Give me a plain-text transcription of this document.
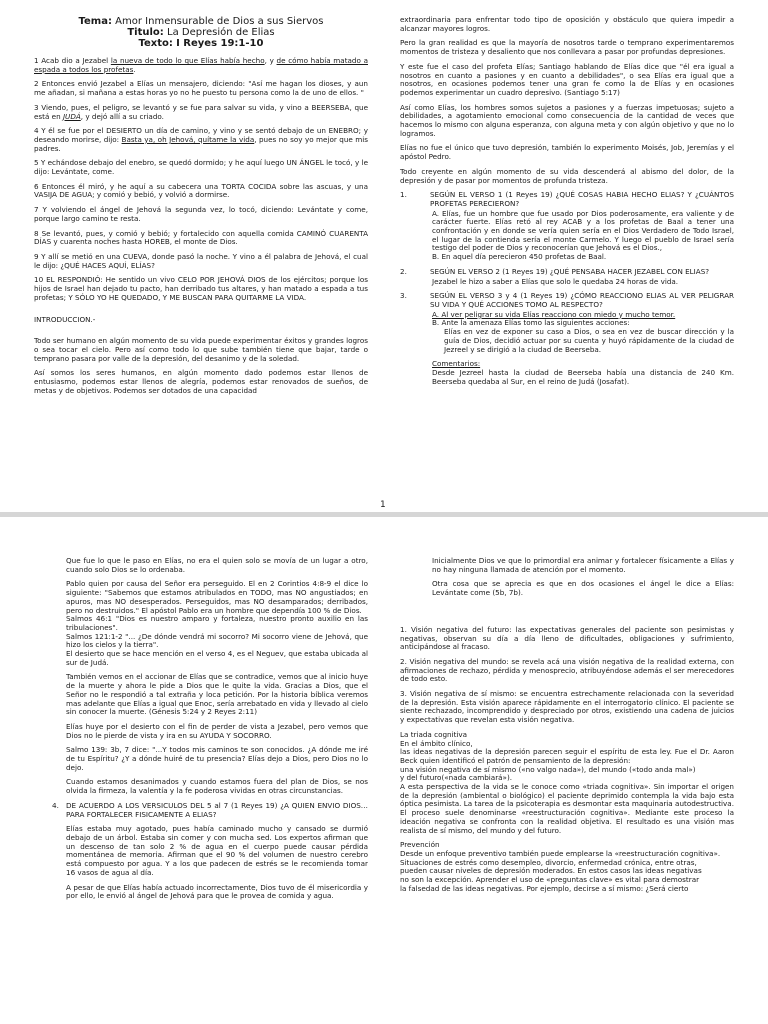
Tema: Amor Inmensurable de Dios a sus Siervos

Titulo: La Depresión de Elias

Texto: I Reyes 19:1-10

1 Acab dio a Jezabel la nueva de todo lo que Elías había hecho, y de cómo había matado a espada a todos los profetas.

2 Entonces envió Jezabel a Elías un mensajero, diciendo: "Así me hagan los dioses, y aun me añadan, si mañana a estas horas yo no he puesto tu persona como la de uno de ellos. "

3 Viendo, pues, el peligro, se levantó y se fue para salvar su vida, y vino a BEERSEBA, que está en JUDÁ, y dejó allí a su criado.

4 Y él se fue por el DESIERTO un día de camino, y vino y se sentó debajo de un ENEBRO; y deseando morirse, dijo: Basta ya, oh Jehová, quítame la vida, pues no soy yo mejor que mis padres.

5 Y echándose debajo del enebro, se quedó dormido; y he aquí luego UN ÁNGEL le tocó, y le dijo: Levántate, come.

6 Entonces él miró, y he aquí a su cabecera una TORTA COCIDA sobre las ascuas, y una VASIJA DE AGUA; y comió y bebió, y volvió a dormirse.

7 Y volviendo el ángel de Jehová la segunda vez, lo tocó, diciendo: Levántate y come, porque largo camino te resta.

8 Se levantó, pues, y comió y bebió; y fortalecido con aquella comida CAMINÓ CUARENTA DÍAS y cuarenta noches hasta HOREB, el monte de Dios.

9 Y allí se metió en una CUEVA, donde pasó la noche. Y vino a él palabra de Jehová, el cual le dijo: ¿QUÉ HACES AQUÍ, ELÍAS?

10 EL RESPONDIÓ: He sentido un vivo CELO POR JEHOVÁ DIOS de los ejércitos; porque los hijos de Israel han dejado tu pacto, han derribado tus altares, y han matado a espada a tus profetas; Y SÓLO YO HE QUEDADO, Y ME BUSCAN PARA QUITARME LA VIDA.

INTRODUCCION.-

Todo ser humano en algún momento de su vida puede experimentar éxitos y grandes logros o sea tocar el cielo. Pero así como todo lo que sube también tiene que bajar, tarde o temprano pasara por valle de la depresión, del desanimo y de la soledad.

Así somos los seres humanos, en algún momento dado podemos estar llenos de entusiasmo, podemos estar llenos de alegría, podemos estar renovados de sueños, de metas y de objetivos. Podemos ser dotados de una capacidad

extraordinaria para enfrentar todo tipo de oposición y obstáculo que quiera impedir a alcanzar mayores logros.

Pero la gran realidad es que la mayoría de nosotros tarde o temprano experimentaremos momentos de tristeza y desaliento que nos conllevara a pasar por profundas depresiones.

Y este fue el caso del profeta Elías; Santiago hablando de Elías dice que "él era igual a nosotros en cuanto a pasiones y en cuanto a debilidades", o sea Elías era igual que a nosotros, en ocasiones podemos tener una gran fe como la de Elías y en ocasiones podemos experimentar un cuadro depresivo. (Santiago 5:17)

Así como Elías, los hombres somos sujetos a pasiones y a fuerzas impetuosas; sujeto a debilidades, a agotamiento emocional como consecuencia de la cantidad de veces que hacemos lo mismo con alguna esperanza, con alguna meta y con algún objetivo y que no lo logramos.

Elías no fue el único que tuvo depresión, también lo experimento Moisés, Job, Jeremías y el apóstol Pedro.

Todo creyente en algún momento de su vida descenderá al abismo del dolor, de la depresión y de pasar por momentos de profunda tristeza.

1.	SEGÚN EL VERSO 1 (1 Reyes 19) ¿QUÉ COSAS HABIA HECHO ELIAS? Y ¿CUÁNTOS PROFETAS PERECIERON?

A. Elías, fue un hombre que fue usado por Dios poderosamente, era valiente y de carácter fuerte. Elías retó al rey ACAB y a los profetas de Baal a tener una confrontación y en donde se vería quien sería en el Dios Verdadero de Todo Israel, el lugar de la contienda sería el monte Carmelo. Y luego el pueblo de Israel sería testigo del poder de Dios y reconocerían que Jehová es el Dios.,

B. En aquel día perecieron 450 profetas de Baal.

2.	SEGÚN EL VERSO 2 (1 Reyes 19) ¿QUÉ PENSABA HACER JEZABEL CON ELIAS?

Jezabel le hizo a saber a Elías que solo le quedaba 24 horas de vida.

3.	SEGÚN EL VERSO 3 y 4 (1 Reyes 19) ¿CÓMO REACCIONO ELIAS AL VER PELIGRAR SU VIDA Y QUÉ ACCIONES TOMO AL RESPECTO?

A. Al ver peligrar su vida Elías reacciono con miedo y mucho temor.

B. Ante la amenaza Elías tomo las siguientes acciones:

Elías en vez de exponer su caso a Dios, o sea en vez de buscar dirección y la guía de Dios, decidió actuar por su cuenta y huyó rápidamente de la ciudad de Jezreel y se dirigió a la ciudad de Beerseba.

Comentarios:

Desde Jezreel hasta la ciudad de Beerseba había una distancia de 240 Km. Beerseba quedaba al Sur, en el reino de Judá (Josafat).

1

Que fue lo que le paso en Elías, no era el quien solo se movía de un lugar a otro, cuando solo Dios se lo ordenaba.

Pablo quien por causa del Señor era perseguido. El en 2 Corintios 4:8-9 el dice lo siguiente: "Sabemos que estamos atribulados en TODO, mas NO angustiados; en apuros, mas NO desesperados. Perseguidos, mas NO desamparados; derribados, pero no destruidos." El apóstol Pablo era un hombre que dependía 100 % de Dios.

Salmos 46:1 "Dios es nuestro amparo y fortaleza, nuestro pronto auxilio en las tribulaciones".

Salmos 121:1-2 "... ¿De dónde vendrá mi socorro? Mi socorro viene de Jehová, que hizo los cielos y la tierra".

El desierto que se hace mención en el verso 4, es el Neguev, que estaba ubicada al sur de Judá.

También vemos en el accionar de Elías que se contradice, vemos que al inicio huye de la muerte y ahora le pide a Dios que le quite la vida. Gracias a Dios, que el Señor no le respondió a tal extraña y loca petición. Por la historia bíblica veremos mas adelante que Elías a igual que Enoc, sería arrebatado en vida y llevado al cielo sin conocer la muerte. (Génesis 5:24 y 2 Reyes 2:11)

Elías huye por el desierto con el fin de perder de vista a Jezabel, pero vemos que Dios no le pierde de vista y ira en su AYUDA Y SOCORRO.

Salmo 139: 3b, 7 dice: "...Y todos mis caminos te son conocidos. ¿A dónde me iré de tu Espíritu? ¿Y a dónde huiré de tu presencia? Elías dejo a Dios, pero Dios no lo dejo.

Cuando estamos desanimados y cuando estamos fuera del plan de Dios, se nos olvida la firmeza, la valentía y la fe poderosa vividas en otras circunstancias.

4. DE ACUERDO A LOS VERSICULOS DEL 5 al 7 (1 Reyes 19) ¿A QUIEN ENVIO DIOS… PARA FORTALECER FISICAMENTE A ELIAS?

Elías estaba muy agotado, pues había caminado mucho y cansado se durmió debajo de un árbol. Estaba sin comer y con mucha sed. Los expertos afirman que un descenso de tan solo 2 % de agua en el cuerpo puede causar pérdida momentánea de memoria. Afirman que el 90 % del volumen de nuestro cerebro está compuesto por agua. Y a los que padecen de estrés se le recomienda tomar 16 vasos de agua al día.

A pesar de que Elías había actuado incorrectamente, Dios tuvo de él misericordia y por ello, le envió al ángel de Jehová para que le provea de comida y agua.

Inicialmente Dios ve que lo primordial era animar y fortalecer físicamente a Elías y no hay ninguna llamada de atención por el momento.

Otra cosa que se aprecia es que en dos ocasiones el ángel le dice a Elías: Levántate come (5b, 7b).

1. Visión negativa del futuro: las expectativas generales del paciente son pesimistas y negativas, observan su día a día lleno de dificultades, obligaciones y sufrimiento, anticipándose al fracaso.

2. Visión negativa del mundo: se revela acá una visión negativa de la realidad externa, con afirmaciones de rechazo, pérdida y menosprecio, atribuyéndose además el ser merecedores de todo esto.

3. Visión negativa de sí mismo: se encuentra estrechamente relacionada con la severidad de la depresión. Esta visión aparece rápidamente en el interrogatorio clínico. El paciente se siente rechazado, incomprendido y despreciado por otros, existiendo una cadena de juicios y expectativas que revelan esta visión negativa.

La triada cognitiva

En el ámbito clínico,

las ideas negativas de la depresión parecen seguir el espíritu de esta ley. Fue el Dr. Aaron Beck quien identificó el patrón de pensamiento de la depresión:

una visión negativa de sí mismo («no valgo nada»), del mundo («todo anda mal»)

y del futuro(«nada cambiará»).

A esta perspectiva de la vida se le conoce como «triada cognitiva». Sin importar el origen de la depresión (ambiental o biológico) el paciente deprimido contempla la vida bajo esta óptica pesimista. La tarea de la psicoterapia es desmontar esta maquinaria autodestructiva. El proceso suele denominarse «reestructuración cognitiva». Mediante este proceso la ideación negativa se confronta con la realidad objetiva. El resultado es una visión mas realista de sí mismo, del mundo y del futuro.

Prevención

Desde un enfoque preventivo también puede emplearse la «reestructuración cognitiva».

Situaciones de estrés como desempleo, divorcio, enfermedad crónica, entre otras,

pueden causar niveles de depresión moderados. En estos casos las ideas negativas

no son la excepción. Aprender el uso de «preguntas clave» es vital para demostrar

la falsedad de las ideas negativas. Por ejemplo, decirse a sí mismo: ¿Será cierto
